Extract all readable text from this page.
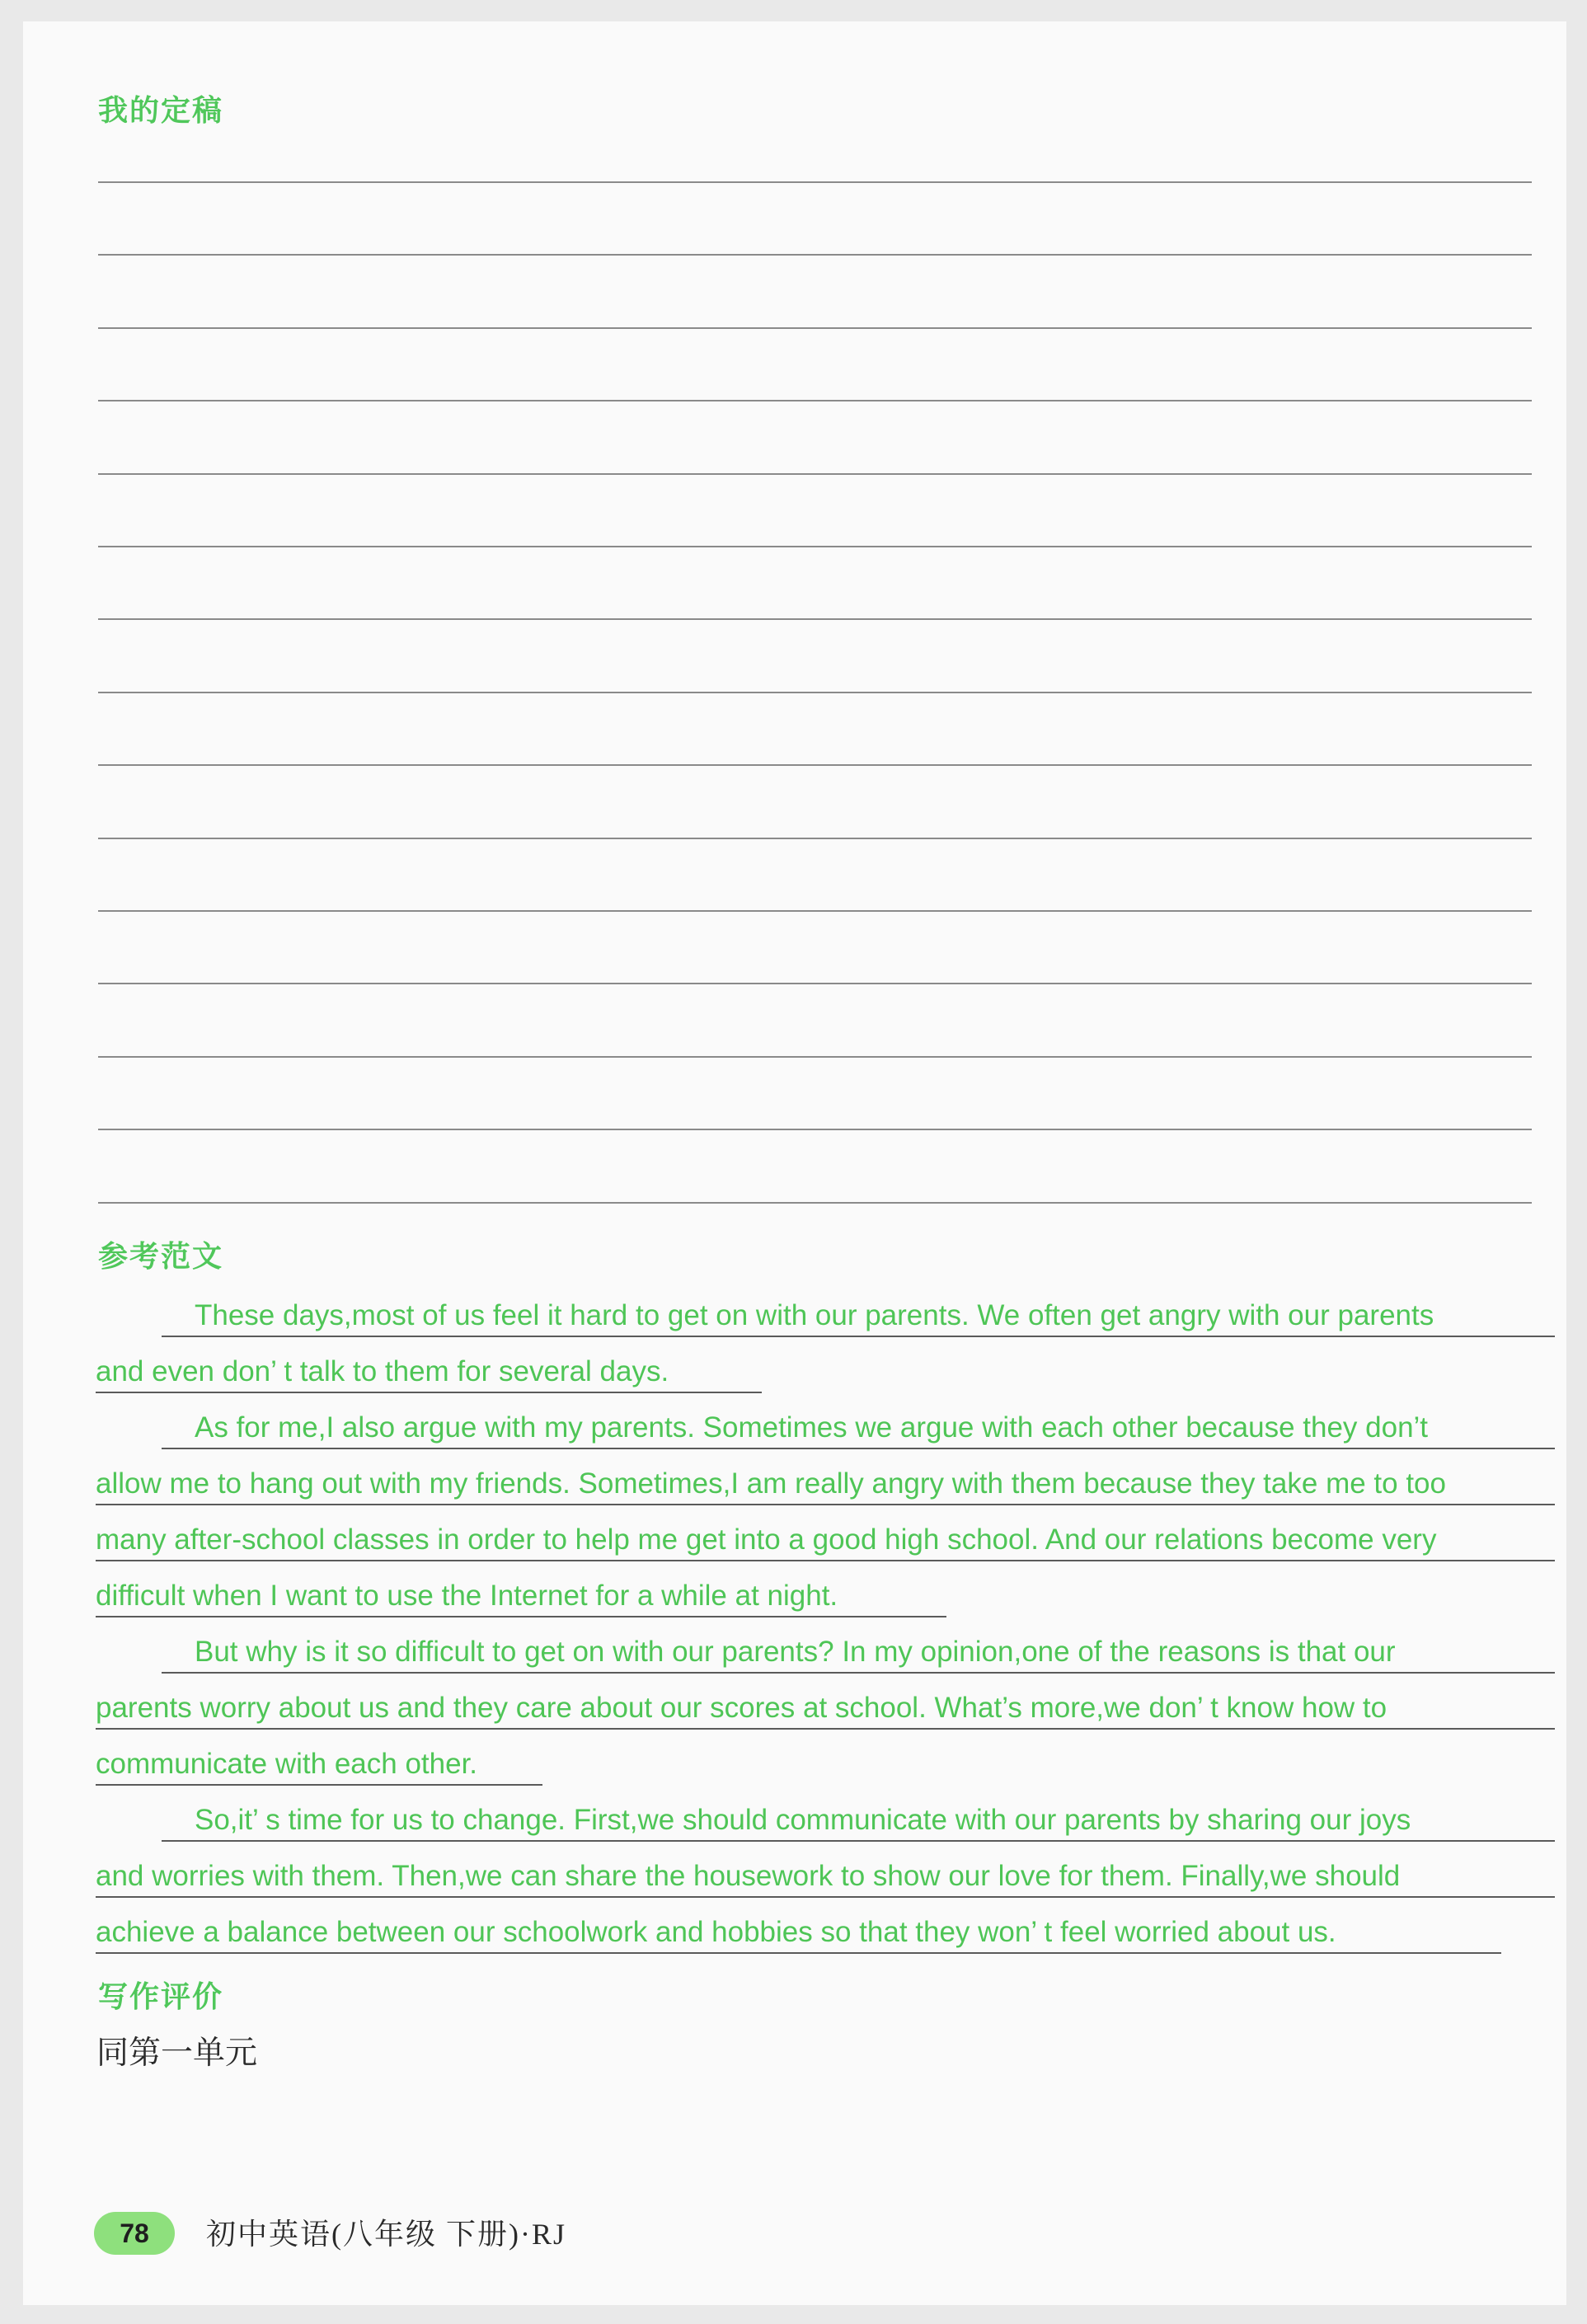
我的定稿
参考范文
These days,most of us feel it hard to get on with our parents. We often get angry with our parents
and even don’ t talk to them for several days.
As for me,I also argue with my parents. Sometimes we argue with each other because they don’t
allow me to hang out with my friends. Sometimes,I am really angry with them because they take me to too
many after-school classes in order to help me get into a good high school. And our relations become very
difficult when I want to use the Internet for a while at night.
But why is it so difficult to get on with our parents? In my opinion,one of the reasons is that our
parents worry about us and they care about our scores at school. What’s more,we don’ t know how to
communicate with each other.
So,it’ s time for us to change. First,we should communicate with our parents by sharing our joys
and worries with them. Then,we can share the housework to show our love for them. Finally,we should
achieve a balance between our schoolwork and hobbies so that they won’ t feel worried about us.
写作评价
同第一单元
78	初中英语(八年级 下册)·RJ
